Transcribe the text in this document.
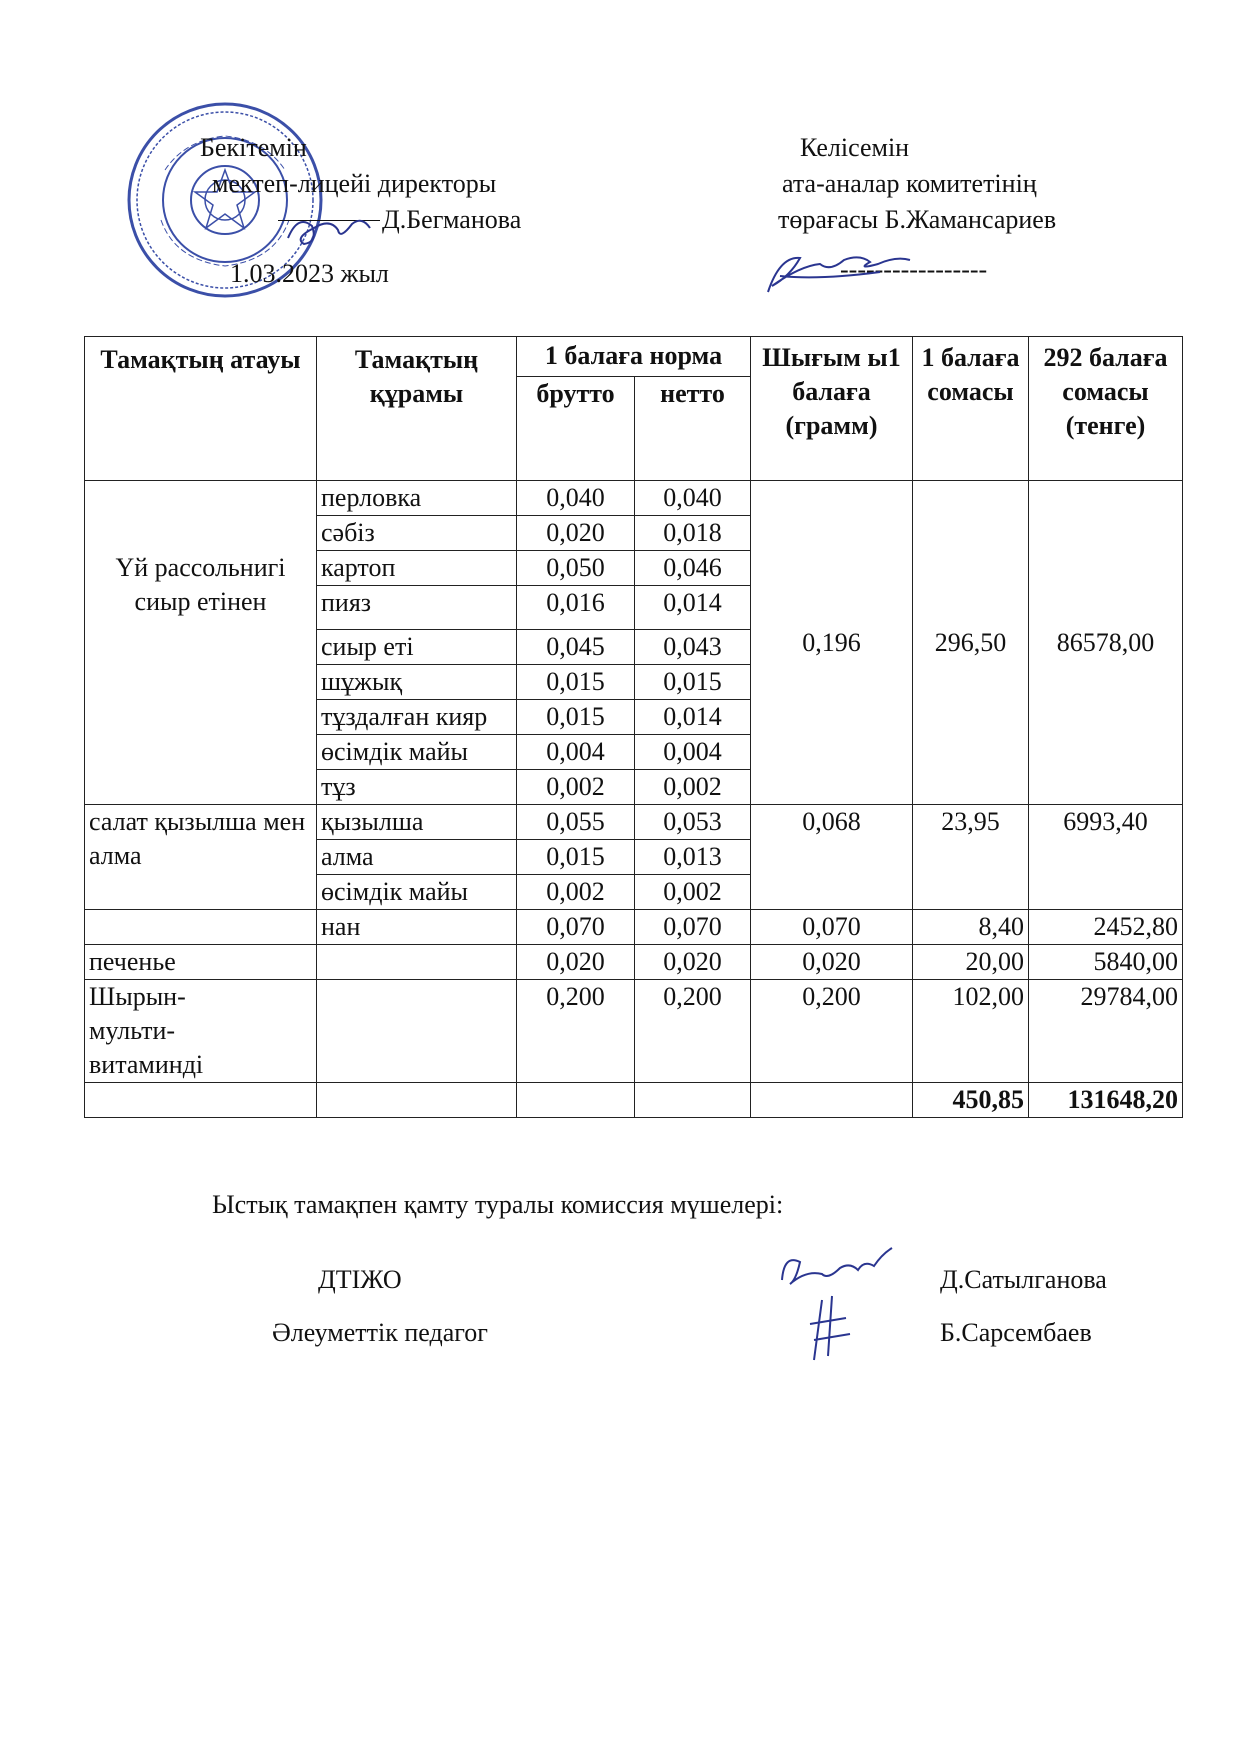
Бекітемін
мектеп-лицейі директоры
Д.Бегманова
1.03.2023 жыл
Келісемін
ата-аналар комитетінің
төрағасы Б.Жамансариев
-----------------
Тамақтың атауы	Тамақтың құрамы	1 балаға норма		Шығым ы1 балаға (грамм)	1 балаға сомасы	292 балаға сомасы (тенге)
		брутто	нетто			
Үй рассольнигі сиыр етінен	перловка	0,040	0,040	0,196	296,50	86578,00
	сәбіз	0,020	0,018			
	картоп	0,050	0,046			
	пияз	0,016	0,014			
	сиыр еті	0,045	0,043			
	шұжық	0,015	0,015			
	тұздалған кияр	0,015	0,014			
	өсімдік майы	0,004	0,004			
	тұз	0,002	0,002			
салат қызылша мен алма	қызылша	0,055	0,053	0,068	23,95	6993,40
	алма	0,015	0,013			
	өсімдік майы	0,002	0,002			
	нан	0,070	0,070	0,070	8,40	2452,80
печенье		0,020	0,020	0,020	20,00	5840,00

Шырын-мульти-витаминді		0,200	0,200	0,200	102,00	29784,00
					450,85	131648,20
Ыстық тамақпен қамту туралы комиссия мүшелері:
ДТІЖО	Д.Сатылганова
Әлеуметтік педагог	Б.Сарсембаев
